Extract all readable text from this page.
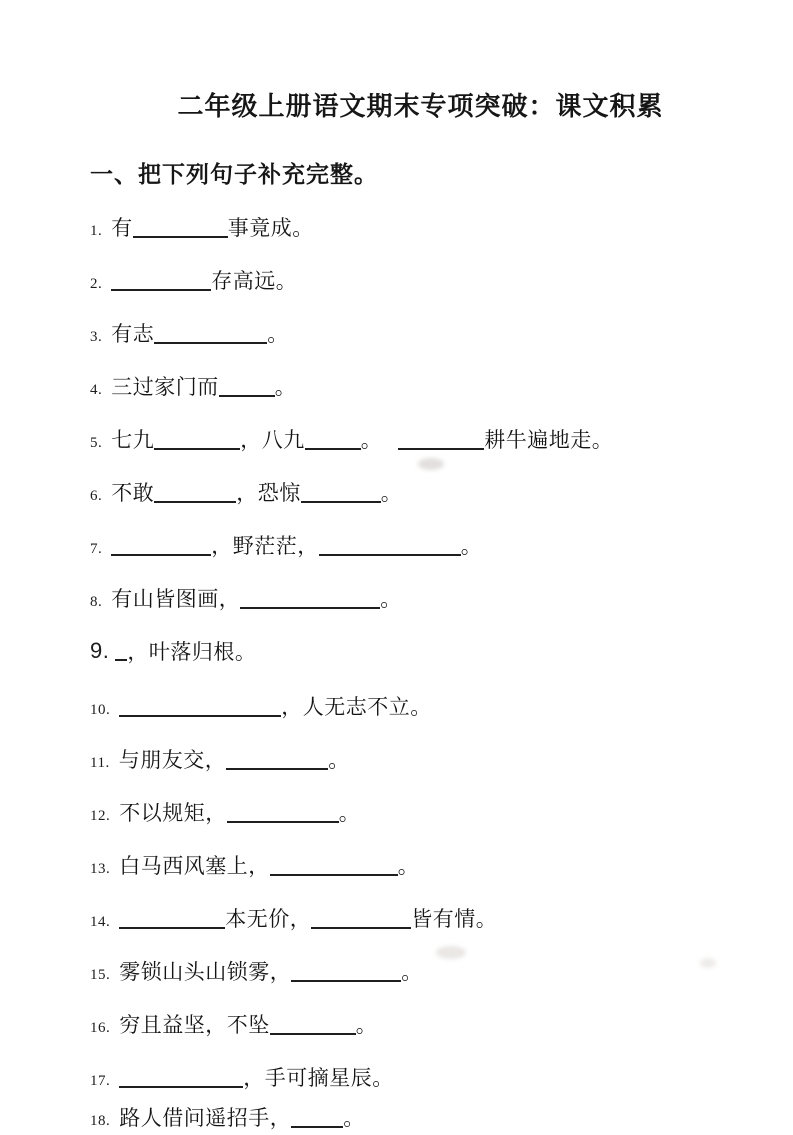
二年级上册语文期末专项突破：课文积累
一、把下列句子补充完整。
1. 有	事竟成。
2.	存高远。
3. 有志	。
4. 三过家门而	。
5. 七九	，八九	。	耕牛遍地走。
6. 不敢	，恐惊	。
7.	，野茫茫，	。
8. 有山皆图画，	。
9. ，叶落归根。
10.	，人无志不立。
11. 与朋友交，	。
12. 不以规矩，	。
13. 白马西风塞上，	。
14.	本无价，	皆有情。
15. 雾锁山头山锁雾，	。
16. 穷且益坚，不坠	。
17.	，手可摘星辰。
18. 路人借问遥招手， 。
